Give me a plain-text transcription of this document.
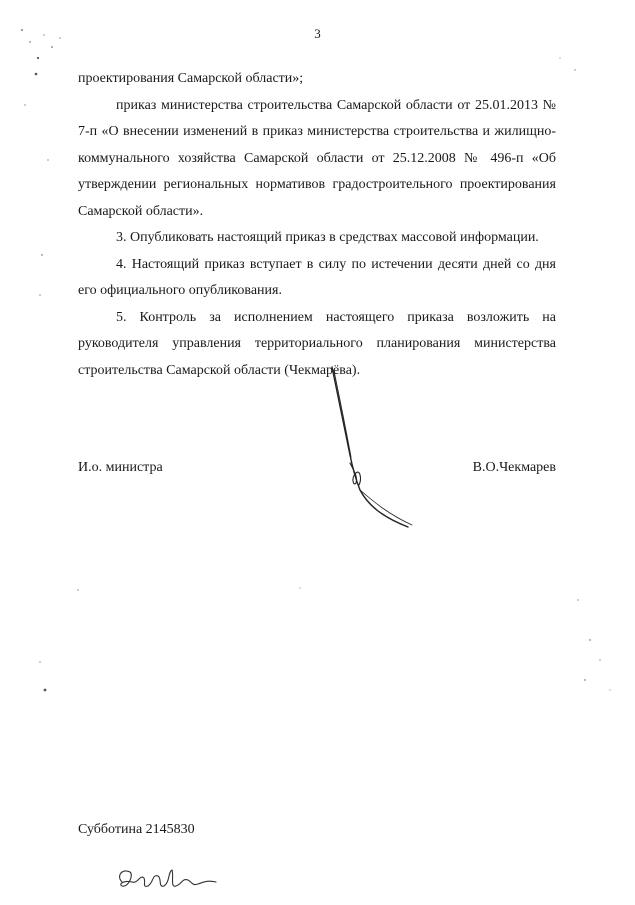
3

проектирования Самарской области»;

приказ министерства строительства Самарской области от 25.01.2013 № 7-п «О внесении изменений в приказ министерства строительства и жилищно-коммунального хозяйства Самарской области от 25.12.2008 № 496-п «Об утверждении региональных нормативов градостроительного проектирования Самарской области».

3. Опубликовать настоящий приказ в средствах массовой информации.

4. Настоящий приказ вступает в силу по истечении десяти дней со дня его официального опубликования.

5. Контроль за исполнением настоящего приказа возложить на руководителя управления территориального планирования министерства строительства Самарской области (Чекмарёва).

И.о. министра	В.О.Чекмарев
Субботина 2145830
